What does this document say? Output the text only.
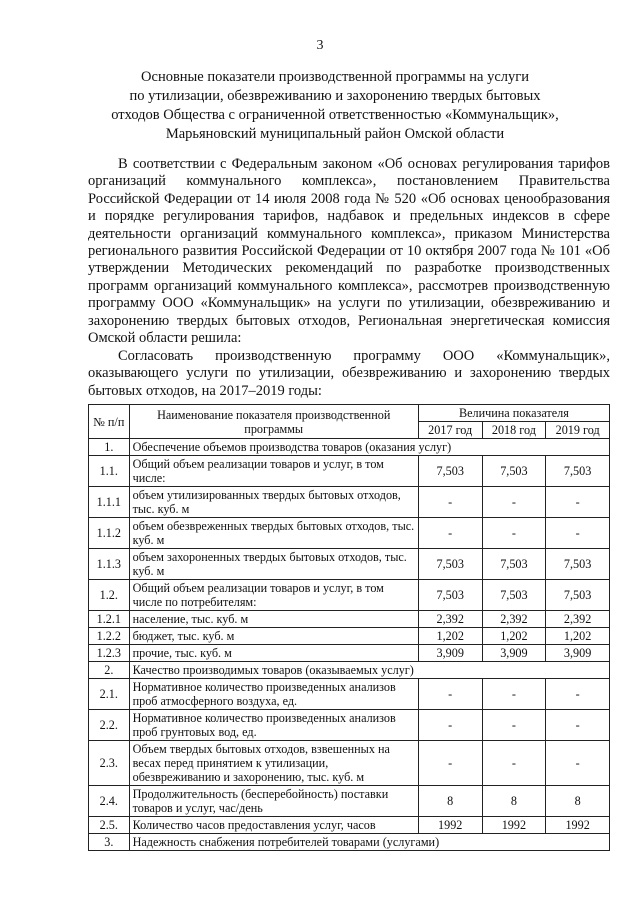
3
Основные показатели производственной программы на услуги
по утилизации, обезвреживанию и захоронению твердых бытовых
отходов Общества с ограниченной ответственностью «Коммунальщик»,
Марьяновский муниципальный район Омской области

В соответствии с Федеральным законом «Об основах регулирования тарифов организаций коммунального комплекса», постановлением Правительства Российской Федерации от 14 июля 2008 года № 520 «Об основах ценообразования и порядке регулирования тарифов, надбавок и предельных индексов в сфере деятельности организаций коммунального комплекса», приказом Министерства регионального развития Российской Федерации от 10 октября 2007 года № 101 «Об утверждении Методических рекомендаций по разработке производственных программ организаций коммунального комплекса», рассмотрев производственную программу ООО «Коммунальщик» на услуги по утилизации, обезвреживанию и захоронению твердых бытовых отходов, Региональная энергетическая комиссия Омской области решила:

Согласовать производственную программу ООО «Коммунальщик», оказывающего услуги по утилизации, обезвреживанию и захоронению твердых бытовых отходов, на 2017–2019 годы:

№ п/п	Наименование показателя производственной программы	Величина показателя		
		2017 год	2018 год	2019 год
1.	Обеспечение объемов производства товаров (оказания услуг)			
1.1.	Общий объем реализации товаров и услуг, в том числе:	7,503	7,503	7,503
1.1.1	объем утилизированных твердых бытовых отходов, тыс. куб. м	-	-	-
1.1.2	объем обезвреженных твердых бытовых отходов, тыс. куб. м	-	-	-
1.1.3	объем захороненных твердых бытовых отходов, тыс. куб. м	7,503	7,503	7,503
1.2.	Общий объем реализации товаров и услуг, в том числе по потребителям:	7,503	7,503	7,503
1.2.1	население, тыс. куб. м	2,392	2,392	2,392
1.2.2	бюджет, тыс. куб. м	1,202	1,202	1,202
1.2.3	прочие, тыс. куб. м	3,909	3,909	3,909
2.	Качество производимых товаров (оказываемых услуг)			
2.1.	Нормативное количество произведенных анализов проб атмосферного воздуха, ед.	-	-	-
2.2.	Нормативное количество произведенных анализов проб грунтовых вод, ед.	-	-	-
2.3.	Объем твердых бытовых отходов, взвешенных на весах перед принятием к утилизации, обезвреживанию и захоронению, тыс. куб. м	-	-	-
2.4.	Продолжительность (бесперебойность) поставки товаров и услуг, час/день	8	8	8
2.5.	Количество часов предоставления услуг, часов	1992	1992	1992
3.	Надежность снабжения потребителей товарами (услугами)			
